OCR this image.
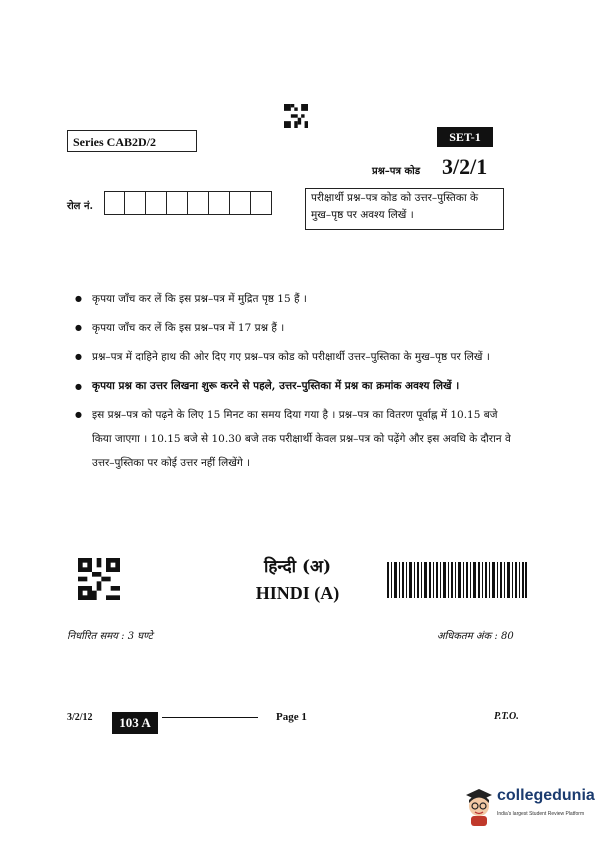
Series CAB2D/2	SET-1
प्रश्न–पत्र कोड 3/2/1
रोल नं.
परीक्षार्थी प्रश्न–पत्र कोड को उत्तर–पुस्तिका के मुख–पृष्ठ पर अवश्य लिखें ।
● कृपया जाँच कर लें कि इस प्रश्न–पत्र में मुद्रित पृष्ठ 15 हैं ।
● कृपया जाँच कर लें कि इस प्रश्न–पत्र में 17 प्रश्न हैं ।
● प्रश्न–पत्र में दाहिने हाथ की ओर दिए गए प्रश्न–पत्र कोड को परीक्षार्थी उत्तर–पुस्तिका के मुख–पृष्ठ पर लिखें ।
● कृपया प्रश्न का उत्तर लिखना शुरू करने से पहले, उत्तर–पुस्तिका में प्रश्न का क्रमांक अवश्य लिखें ।
● इस प्रश्न–पत्र को पढ़ने के लिए 15 मिनट का समय दिया गया है । प्रश्न–पत्र का वितरण पूर्वाह्न में 10.15 बजे किया जाएगा । 10.15 बजे से 10.30 बजे तक परीक्षार्थी केवल प्रश्न–पत्र को पढ़ेंगे और इस अवधि के दौरान वे उत्तर–पुस्तिका पर कोई उत्तर नहीं लिखेंगे ।
हिन्दी (अ)
HINDI (A)
निर्धारित समय : 3 घण्टे	अधिकतम अंक : 80
3/2/12	103 A	Page 1	P.T.O.
collegedunia
India's largest Student Review Platform
